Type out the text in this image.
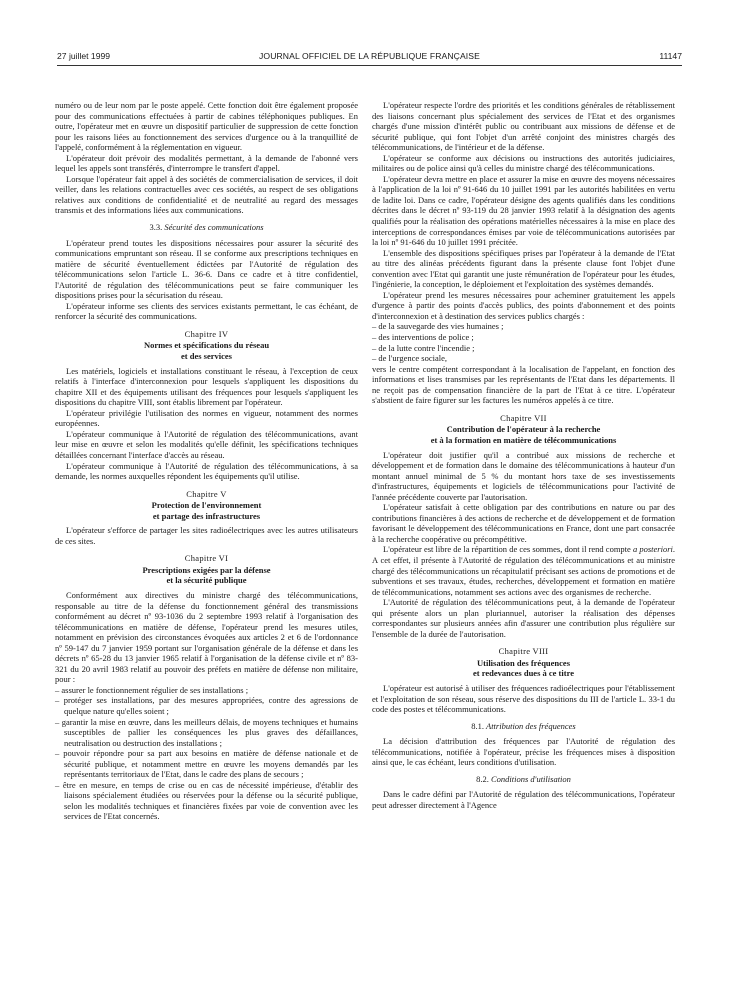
27 juillet 1999	JOURNAL OFFICIEL DE LA RÉPUBLIQUE FRANÇAISE	11147

numéro ou de leur nom par le poste appelé. Cette fonction doit être également proposée pour des communications effectuées à partir de cabines téléphoniques publiques. En outre, l'opérateur met en œuvre un dispositif particulier de suppression de cette fonction pour les raisons liées au fonctionnement des services d'urgence ou à la tranquillité de l'appelé, conformément à la réglementation en vigueur.

L'opérateur doit prévoir des modalités permettant, à la demande de l'abonné vers lequel les appels sont transférés, d'interrompre le transfert d'appel.

Lorsque l'opérateur fait appel à des sociétés de commercialisation de services, il doit veiller, dans les relations contractuelles avec ces sociétés, au respect de ses obligations relatives aux conditions de confidentialité et de neutralité au regard des messages transmis et des informations liées aux communications.

3.3. Sécurité des communications

L'opérateur prend toutes les dispositions nécessaires pour assurer la sécurité des communications empruntant son réseau. Il se conforme aux prescriptions techniques en matière de sécurité éventuellement édictées par l'Autorité de régulation des télécommunications selon l'article L. 36-6. Dans ce cadre et à titre confidentiel, l'Autorité de régulation des télécommunications peut se faire communiquer les dispositions prises pour la sécurisation du réseau.

L'opérateur informe ses clients des services existants permettant, le cas échéant, de renforcer la sécurité des communications.

Chapitre IV
Normes et spécifications du réseau
et des services

Les matériels, logiciels et installations constituant le réseau, à l'exception de ceux relatifs à l'interface d'interconnexion pour lesquels s'appliquent les dispositions du chapitre XII et des équipements utilisant des fréquences pour lesquels s'appliquent les dispositions du chapitre VIII, sont établis librement par l'opérateur.

L'opérateur privilégie l'utilisation des normes en vigueur, notamment des normes européennes.

L'opérateur communique à l'Autorité de régulation des télécommunications, avant leur mise en œuvre et selon les modalités qu'elle définit, les spécifications techniques détaillées concernant l'interface d'accès au réseau.

L'opérateur communique à l'Autorité de régulation des télécommunications, à sa demande, les normes auxquelles répondent les équipements qu'il utilise.

Chapitre V
Protection de l'environnement
et partage des infrastructures

L'opérateur s'efforce de partager les sites radioélectriques avec les autres utilisateurs de ces sites.

Chapitre VI
Prescriptions exigées par la défense
et la sécurité publique

Conformément aux directives du ministre chargé des télécommunications, responsable au titre de la défense du fonctionnement général des transmissions conformément au décret nº 93-1036 du 2 septembre 1993 relatif à l'organisation des télécommunications en matière de défense, l'opérateur prend les mesures utiles, notamment en prévision des circonstances évoquées aux articles 2 et 6 de l'ordonnance nº 59-147 du 7 janvier 1959 portant sur l'organisation générale de la défense et dans les décrets nº 65-28 du 13 janvier 1965 relatif à l'organisation de la défense civile et nº 83-321 du 20 avril 1983 relatif au pouvoir des préfets en matière de défense non militaire, pour :

– assurer le fonctionnement régulier de ses installations ;
– protéger ses installations, par des mesures appropriées, contre des agressions de quelque nature qu'elles soient ;
– garantir la mise en œuvre, dans les meilleurs délais, de moyens techniques et humains susceptibles de pallier les conséquences les plus graves des défaillances, neutralisation ou destruction des installations ;
– pouvoir répondre pour sa part aux besoins en matière de défense nationale et de sécurité publique, et notamment mettre en œuvre les moyens demandés par les représentants territoriaux de l'Etat, dans le cadre des plans de secours ;
– être en mesure, en temps de crise ou en cas de nécessité impérieuse, d'établir des liaisons spécialement étudiées ou réservées pour la défense ou la sécurité publique, selon les modalités techniques et financières fixées par voie de convention avec les services de l'Etat concernés.

L'opérateur respecte l'ordre des priorités et les conditions générales de rétablissement des liaisons concernant plus spécialement des services de l'Etat et des organismes chargés d'une mission d'intérêt public ou contribuant aux missions de défense et de sécurité publique, qui font l'objet d'un arrêté conjoint des ministres chargés des télécommunications, de l'intérieur et de la défense.

L'opérateur se conforme aux décisions ou instructions des autorités judiciaires, militaires ou de police ainsi qu'à celles du ministre chargé des télécommunications.

L'opérateur devra mettre en place et assurer la mise en œuvre des moyens nécessaires à l'application de la loi nº 91-646 du 10 juillet 1991 par les autorités habilitées en vertu de ladite loi. Dans ce cadre, l'opérateur désigne des agents qualifiés dans les conditions décrites dans le décret nº 93-119 du 28 janvier 1993 relatif à la désignation des agents qualifiés pour la réalisation des opérations matérielles nécessaires à la mise en place des interceptions de correspondances émises par voie de télécommunications autorisées par la loi nº 91-646 du 10 juillet 1991 précitée.

L'ensemble des dispositions spécifiques prises par l'opérateur à la demande de l'Etat au titre des alinéas précédents figurant dans la présente clause font l'objet d'une convention avec l'Etat qui garantit une juste rémunération de l'opérateur pour les études, l'ingénierie, la conception, le déploiement et l'exploitation des systèmes demandés.

L'opérateur prend les mesures nécessaires pour acheminer gratuitement les appels d'urgence à partir des points d'accès publics, des points d'abonnement et des points d'interconnexion et à destination des services publics chargés :

– de la sauvegarde des vies humaines ;
– des interventions de police ;
– de la lutte contre l'incendie ;
– de l'urgence sociale,

vers le centre compétent correspondant à la localisation de l'appelant, en fonction des informations et lises transmises par les représentants de l'Etat dans les départements. Il ne reçoit pas de compensation financière de la part de l'Etat à ce titre. L'opérateur s'abstient de faire figurer sur les factures les numéros appelés à ce titre.

Chapitre VII
Contribution de l'opérateur à la recherche
et à la formation en matière de télécommunications

L'opérateur doit justifier qu'il a contribué aux missions de recherche et développement et de formation dans le domaine des télécommunications à hauteur d'un montant annuel minimal de 5 % du montant hors taxe de ses investissements d'infrastructures, équipements et logiciels de télécommunications pour l'activité de l'année précédente couverte par l'autorisation.

L'opérateur satisfait à cette obligation par des contributions en nature ou par des contributions financières à des actions de recherche et de développement et de formation favorisant le développement des télécommunications en France, dont une part consacrée à la recherche coopérative ou précompétitive.

L'opérateur est libre de la répartition de ces sommes, dont il rend compte a posteriori. A cet effet, il présente à l'Autorité de régulation des télécommunications et au ministre chargé des télécommunications un récapitulatif précisant ses actions de promotions et de subventions et ses travaux, études, recherches, développement et formation en matière de télécommunications, notamment ses actions avec des organismes de recherche.

L'Autorité de régulation des télécommunications peut, à la demande de l'opérateur qui présente alors un plan pluriannuel, autoriser la réalisation des dépenses correspondantes sur plusieurs années afin d'assurer une contribution plus régulière sur l'ensemble de la durée de l'autorisation.

Chapitre VIII
Utilisation des fréquences
et redevances dues à ce titre

L'opérateur est autorisé à utiliser des fréquences radioélectriques pour l'établissement et l'exploitation de son réseau, sous réserve des dispositions du III de l'article L. 33-1 du code des postes et télécommunications.

8.1. Attribution des fréquences

La décision d'attribution des fréquences par l'Autorité de régulation des télécommunications, notifiée à l'opérateur, précise les fréquences mises à disposition ainsi que, le cas échéant, leurs conditions d'utilisation.

8.2. Conditions d'utilisation

Dans le cadre défini par l'Autorité de régulation des télécommunications, l'opérateur peut adresser directement à l'Agence
